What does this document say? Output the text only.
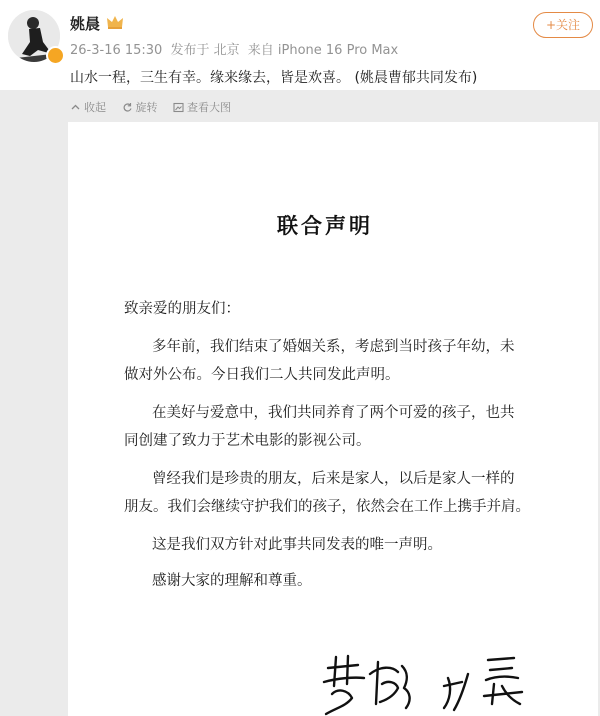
姚晨
26-3-16 15:30 发布于 北京 来自 iPhone 16 Pro Max
+关注
山水一程，三生有幸。缘来缘去，皆是欢喜。 (姚晨曹郁共同发布)
收起	旋转	查看大图
联合声明
致亲爱的朋友们：
多年前，我们结束了婚姻关系，考虑到当时孩子年幼，未
做对外公布。今日我们二人共同发此声明。
在美好与爱意中，我们共同养育了两个可爱的孩子，也共
同创建了致力于艺术电影的影视公司。
曾经我们是珍贵的朋友，后来是家人，以后是家人一样的
朋友。我们会继续守护我们的孩子，依然会在工作上携手并肩。
这是我们双方针对此事共同发表的唯一声明。
感谢大家的理解和尊重。
